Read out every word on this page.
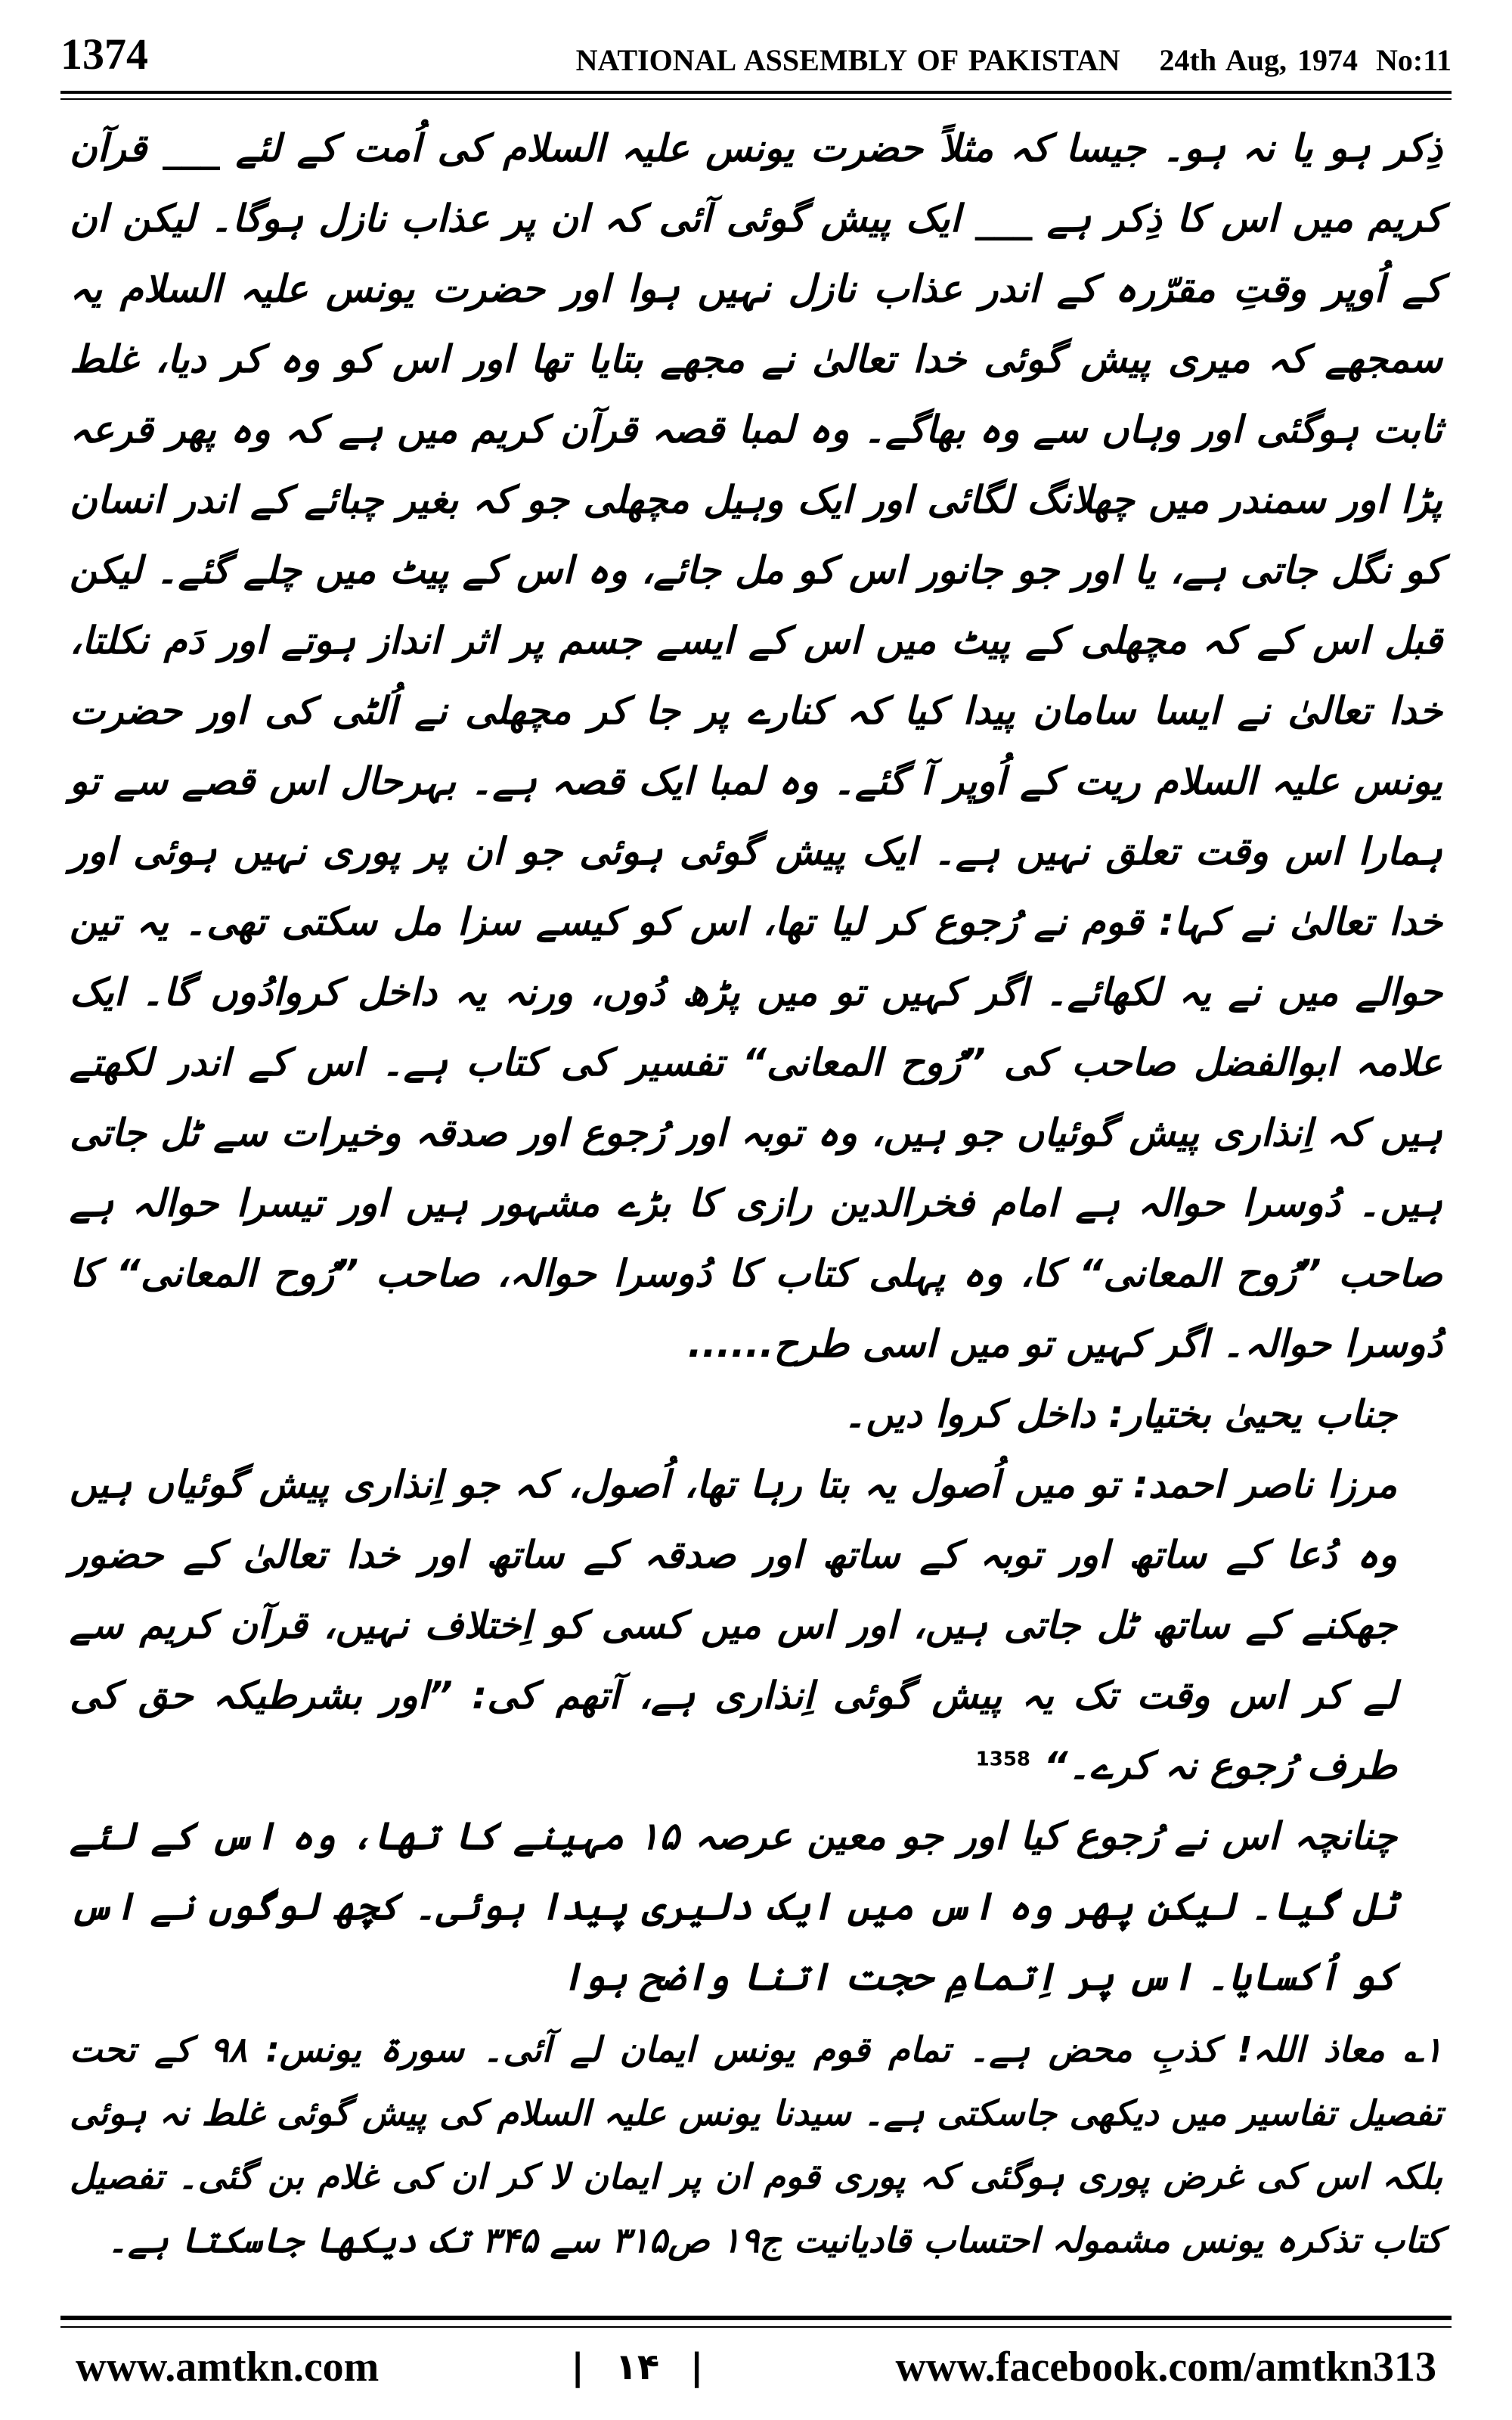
1374	NATIONAL ASSEMBLY OF PAKISTAN 24th Aug, 1974 No:11

ذِکر ہو یا نہ ہو۔ جیسا کہ مثلاً حضرت یونس علیہ السلام کی اُمت کے لئے ___ قرآن کریم میں اس کا ذِکر ہے ___ ایک پیش گوئی آئی کہ ان پر عذاب نازل ہوگا۔ لیکن ان کے اُوپر وقتِ مقرّرہ کے اندر عذاب نازل نہیں ہوا اور حضرت یونس علیہ السلام یہ سمجھے کہ میری پیش گوئی خدا تعالیٰ نے مجھے بتایا تھا اور اس کو وہ کر دیا، غلط ثابت ہوگئی اور وہاں سے وہ بھاگے۔ وہ لمبا قصہ قرآن کریم میں ہے کہ وہ پھر قرعہ پڑا اور سمندر میں چھلانگ لگائی اور ایک وہیل مچھلی جو کہ بغیر چبائے کے اندر انسان کو نگل جاتی ہے، یا اور جو جانور اس کو مل جائے، وہ اس کے پیٹ میں چلے گئے۔ لیکن قبل اس کے کہ مچھلی کے پیٹ میں اس کے ایسے جسم پر اثر انداز ہوتے اور دَم نکلتا، خدا تعالیٰ نے ایسا سامان پیدا کیا کہ کنارے پر جا کر مچھلی نے اُلٹی کی اور حضرت یونس علیہ السلام ریت کے اُوپر آ گئے۔ وہ لمبا ایک قصہ ہے۔ بہرحال اس قصے سے تو ہمارا اس وقت تعلق نہیں ہے۔ ایک پیش گوئی ہوئی جو ان پر پوری نہیں ہوئی اور خدا تعالیٰ نے کہا: قوم نے رُجوع کر لیا تھا، اس کو کیسے سزا مل سکتی تھی۔ یہ تین حوالے میں نے یہ لکھائے۔ اگر کہیں تو میں پڑھ دُوں، ورنہ یہ داخل کروادُوں گا۔ ایک علامہ ابوالفضل صاحب کی ”رُوح المعانی“ تفسیر کی کتاب ہے۔ اس کے اندر لکھتے ہیں کہ اِنذاری پیش گوئیاں جو ہیں، وہ توبہ اور رُجوع اور صدقہ وخیرات سے ٹل جاتی ہیں۔ دُوسرا حوالہ ہے امام فخرالدین رازی کا بڑے مشہور ہیں اور تیسرا حوالہ ہے صاحب ”رُوح المعانی“ کا، وہ پہلی کتاب کا دُوسرا حوالہ، صاحب ”رُوح المعانی“ کا دُوسرا حوالہ۔ اگر کہیں تو میں اسی طرح......

جناب یحییٰ بختیار: داخل کروا دیں۔

مرزا ناصر احمد: تو میں اُصول یہ بتا رہا تھا، اُصول، کہ جو اِنذاری پیش گوئیاں ہیں وہ دُعا کے ساتھ اور توبہ کے ساتھ اور صدقہ کے ساتھ اور خدا تعالیٰ کے حضور جھکنے کے ساتھ ٹل جاتی ہیں، اور اس میں کسی کو اِختلاف نہیں، قرآن کریم سے لے کر اس وقت تک یہ پیش گوئی اِنذاری ہے، آتھم کی: ”اور بشرطیکہ حق کی طرف رُجوع نہ کرے۔“ $^{1358}$

چنانچہ اس نے رُجوع کیا اور جو معین عرصہ ۱۵ مہینے کا تھا، وہ اس کے لئے ٹل گیا۔ لیکن پھر وہ اس میں ایک دلیری پیدا ہوئی۔ کچھ لوگوں نے اس کو اُکسایا۔ اس پر اِتمامِ حجت اتنا واضح ہوا

۱؎ معاذ اللہ! کذبِ محض ہے۔ تمام قوم یونس ایمان لے آئی۔ سورۃ یونس: ۹۸ کے تحت تفصیل تفاسیر میں دیکھی جاسکتی ہے۔ سیدنا یونس علیہ السلام کی پیش گوئی غلط نہ ہوئی بلکہ اس کی غرض پوری ہوگئی کہ پوری قوم ان پر ایمان لا کر ان کی غلام بن گئی۔ تفصیل کتاب تذکرہ یونس مشمولہ احتساب قادیانیت ج۱۹ ص۳۱۵ سے ۳۴۵ تک دیکھا جاسکتا ہے۔

www.amtkn.com	| ۱۴ |	www.facebook.com/amtkn313
